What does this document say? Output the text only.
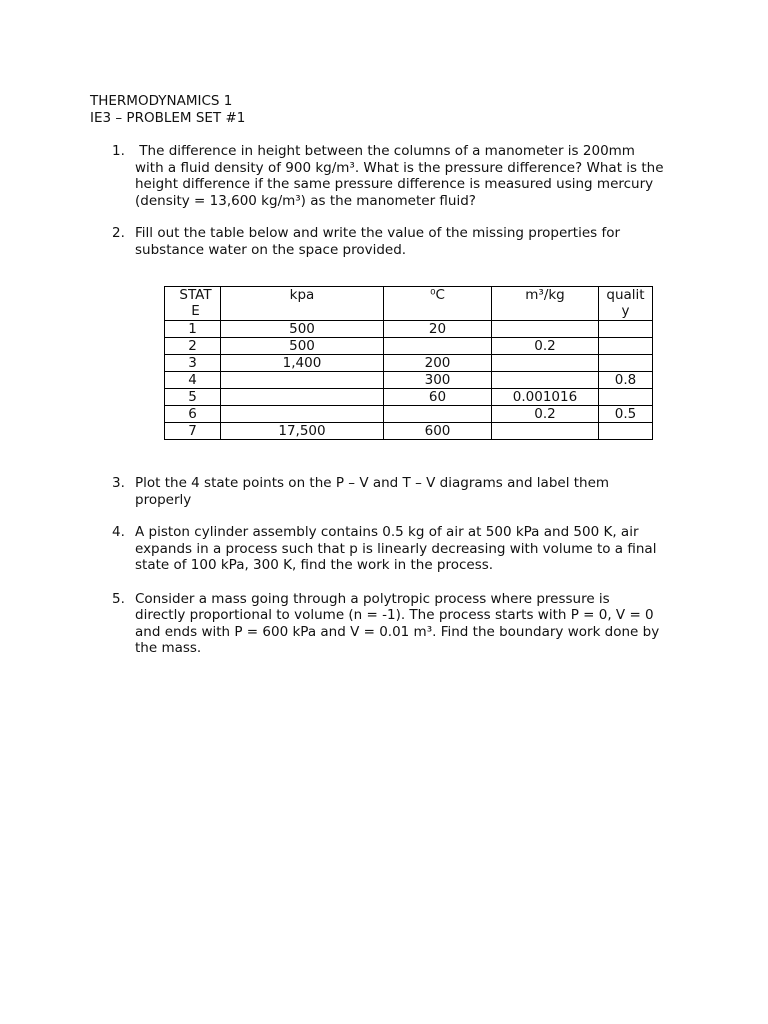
THERMODYNAMICS 1
IE3 – PROBLEM SET #1
1. The difference in height between the columns of a manometer is 200mm
with a fluid density of 900 kg/m³. What is the pressure difference? What is the
height difference if the same pressure difference is measured using mercury
(density = 13,600 kg/m³) as the manometer fluid?
2. Fill out the table below and write the value of the missing properties for
substance water on the space provided.
STAT
E	kpa	⁰C	m³/kg	qualit
y

1	500	20		
2	500		0.2	
3	1,400	200		
4		300		0.8
5		60	0.001016	
6			0.2	0.5
7	17,500	600		
3. Plot the 4 state points on the P – V and T – V diagrams and label them
properly
4. A piston cylinder assembly contains 0.5 kg of air at 500 kPa and 500 K, air
expands in a process such that p is linearly decreasing with volume to a final
state of 100 kPa, 300 K, find the work in the process.
5. Consider a mass going through a polytropic process where pressure is
directly proportional to volume (n = -1). The process starts with P = 0, V = 0
and ends with P = 600 kPa and V = 0.01 m³. Find the boundary work done by
the mass.
